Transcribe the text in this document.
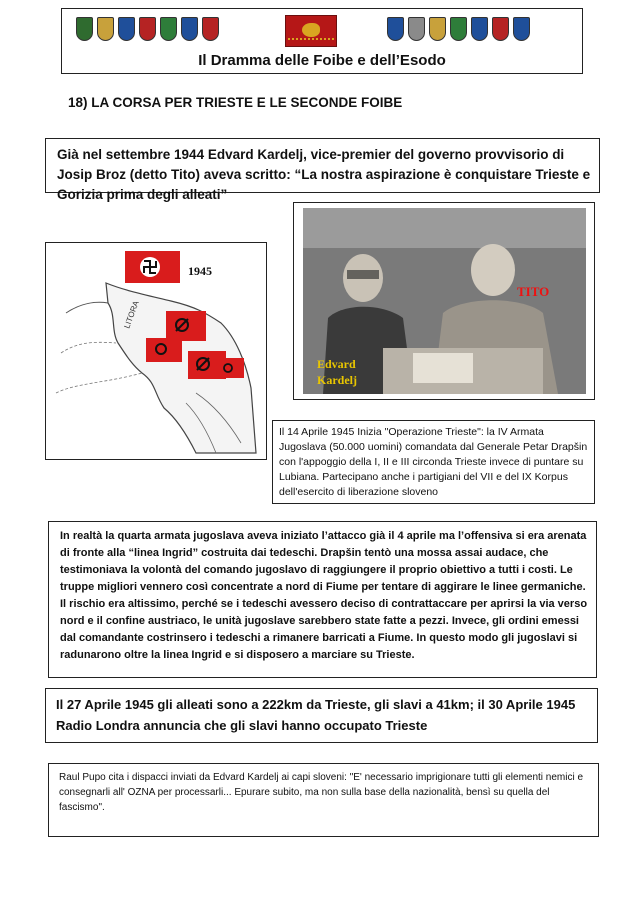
Il Dramma delle Foibe e dell’Esodo
18) LA CORSA PER TRIESTE E LE SECONDE FOIBE
Già nel settembre 1944 Edvard Kardelj, vice-premier del governo provvisorio di Josip Broz (detto Tito) aveva scritto: “La nostra aspirazione è conquistare Trieste e Gorizia prima degli alleati”
1945
LITORA
TITO
Edvard
Kardelj
Il 14 Aprile 1945 Inizia "Operazione Trieste": la IV Armata Jugoslava (50.000 uomini) comandata dal Generale Petar Drapšin con l'appoggio della I, II e III circonda Trieste invece di puntare su Lubiana. Partecipano anche i partigiani del VII e del IX Korpus dell'esercito di liberazione sloveno
In realtà la quarta armata jugoslava aveva iniziato l’attacco già il 4 aprile ma l’offensiva si era arenata di fronte alla “linea Ingrid” costruita dai tedeschi. Drapšin tentò una mossa assai audace, che testimoniava la volontà del comando jugoslavo di raggiungere il proprio obiettivo a tutti i costi. Le truppe migliori vennero così concentrate a nord di Fiume per tentare di aggirare le linee germaniche. Il rischio era altissimo, perché se i tedeschi avessero deciso di contrattaccare per aprirsi la via verso nord e il confine austriaco, le unità jugoslave sarebbero state fatte a pezzi. Invece, gli ordini emessi dal comandante costrinsero i tedeschi a rimanere barricati a Fiume. In questo modo gli jugoslavi si radunarono oltre la linea Ingrid e si disposero a marciare su Trieste.
Il 27 Aprile 1945 gli alleati sono a 222km da Trieste, gli slavi a 41km; il 30 Aprile 1945 Radio Londra annuncia che gli slavi hanno occupato Trieste
Raul Pupo cita i dispacci inviati da Edvard Kardelj ai capi sloveni: "E' necessario imprigionare tutti gli elementi nemici e consegnarli all' OZNA per processarli... Epurare subito, ma non sulla base della nazionalità, bensì su quella del fascismo".
